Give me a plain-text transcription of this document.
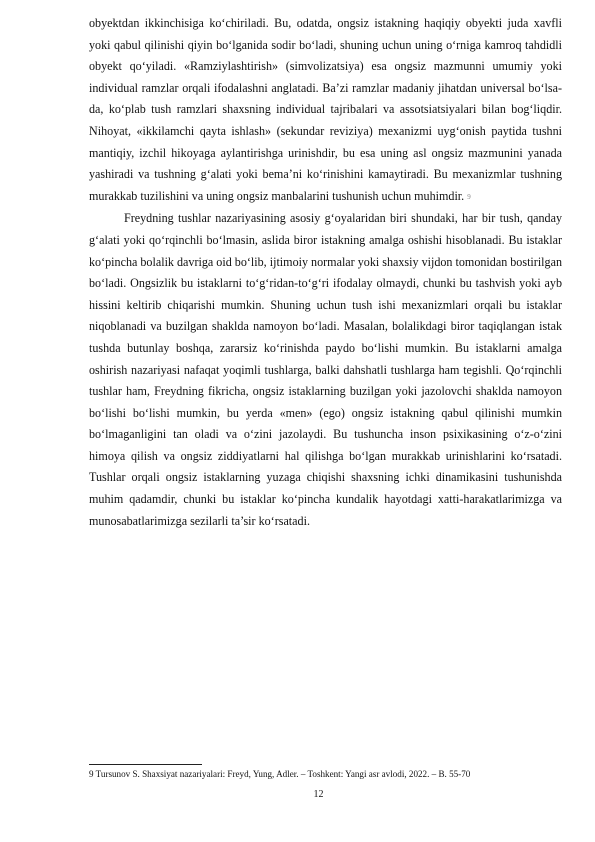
obyektdan ikkinchisiga ko‘chiriladi. Bu, odatda, ongsiz istakning haqiqiy obyekti juda xavfli yoki qabul qilinishi qiyin bo‘lganida sodir bo‘ladi, shuning uchun uning o‘rniga kamroq tahdidli obyekt qo‘yiladi. «Ramziylashtirish» (simvolizatsiya) esa ongsiz mazmunni umumiy yoki individual ramzlar orqali ifodalashni anglatadi. Ba’zi ramzlar madaniy jihatdan universal bo‘lsa-da, ko‘plab tush ramzlari shaxsning individual tajribalari va assotsiatsiyalari bilan bog‘liqdir. Nihoyat, «ikkilamchi qayta ishlash» (sekundar reviziya) mexanizmi uyg‘onish paytida tushni mantiqiy, izchil hikoyaga aylantirishga urinishdir, bu esa uning asl ongsiz mazmunini yanada yashiradi va tushning g‘alati yoki bema’ni ko‘rinishini kamaytiradi. Bu mexanizmlar tushning murakkab tuzilishini va uning ongsiz manbalarini tushunish uchun muhimdir. $^9$

Freydning tushlar nazariyasining asosiy g‘oyalaridan biri shundaki, har bir tush, qanday g‘alati yoki qo‘rqinchli bo‘lmasin, aslida biror istakning amalga oshishi hisoblanadi. Bu istaklar ko‘pincha bolalik davriga oid bo‘lib, ijtimoiy normalar yoki shaxsiy vijdon tomonidan bostirilgan bo‘ladi. Ongsizlik bu istaklarni to‘g‘ridan-to‘g‘ri ifodalay olmaydi, chunki bu tashvish yoki ayb hissini keltirib chiqarishi mumkin. Shuning uchun tush ishi mexanizmlari orqali bu istaklar niqoblanadi va buzilgan shaklda namoyon bo‘ladi. Masalan, bolalikdagi biror taqiqlangan istak tushda butunlay boshqa, zararsiz ko‘rinishda paydo bo‘lishi mumkin. Bu istaklarni amalga oshirish nazariyasi nafaqat yoqimli tushlarga, balki dahshatli tushlarga ham tegishli. Qo‘rqinchli tushlar ham, Freydning fikricha, ongsiz istaklarning buzilgan yoki jazolovchi shaklda namoyon bo‘lishi bo‘lishi mumkin, bu yerda «men» (ego) ongsiz istakning qabul qilinishi mumkin bo‘lmaganligini tan oladi va o‘zini jazolaydi. Bu tushuncha inson psixikasining o‘z-o‘zini himoya qilish va ongsiz ziddiyatlarni hal qilishga bo‘lgan murakkab urinishlarini ko‘rsatadi. Tushlar orqali ongsiz istaklarning yuzaga chiqishi shaxsning ichki dinamikasini tushunishda muhim qadamdir, chunki bu istaklar ko‘pincha kundalik hayotdagi xatti-harakatlarimizga va munosabatlarimizga sezilarli ta’sir ko‘rsatadi.

9 Tursunov S. Shaxsiyat nazariyalari: Freyd, Yung, Adler. – Toshkent: Yangi asr avlodi, 2022. – B. 55-70
12
